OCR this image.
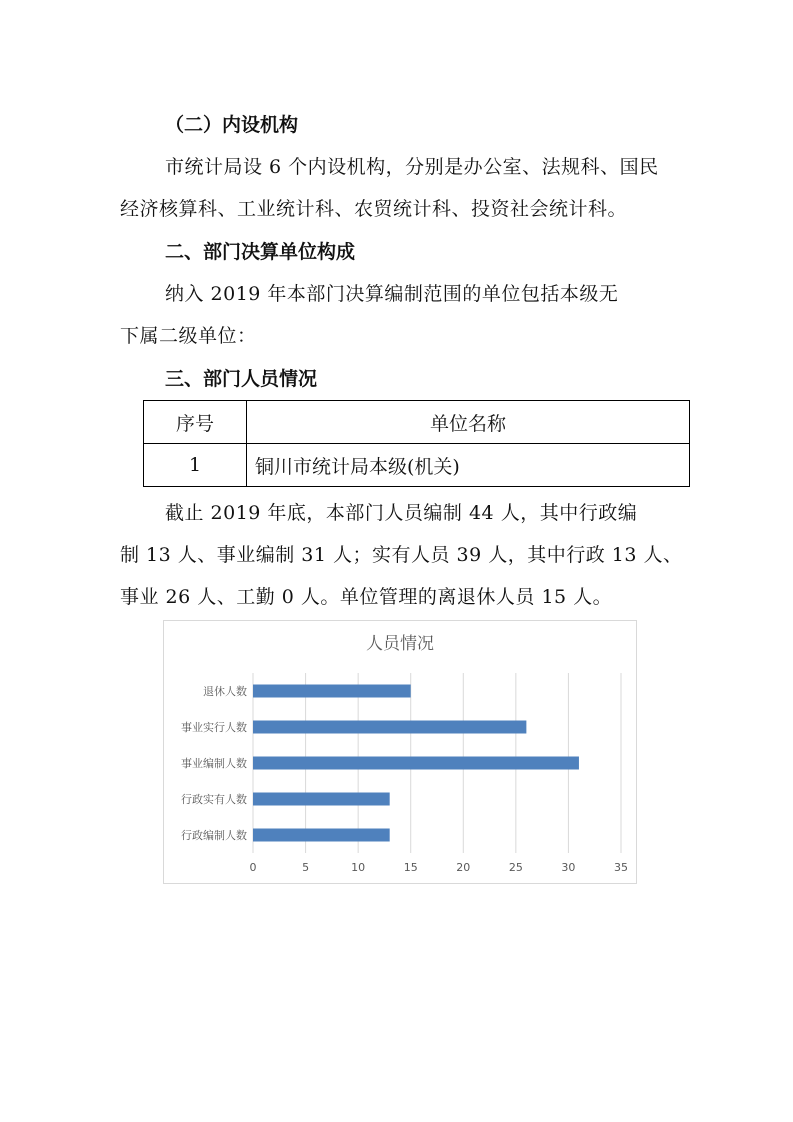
（二）内设机构
市统计局设 6 个内设机构，分别是办公室、法规科、国民
经济核算科、工业统计科、农贸统计科、投资社会统计科。
二、部门决算单位构成
纳入 2019 年本部门决算编制范围的单位包括本级无
下属二级单位：
三、部门人员情况
序号	单位名称
1	铜川市统计局本级(机关)
截止 2019 年底，本部门人员编制 44 人，其中行政编
制 13 人、事业编制 31 人；实有人员 39 人，其中行政 13 人、
事业 26 人、工勤 0 人。单位管理的离退休人员 15 人。
人员情况
0	5	10	15	20	25	30	35
退休人数
事业实行人数
事业编制人数
行政实有人数
行政编制人数
